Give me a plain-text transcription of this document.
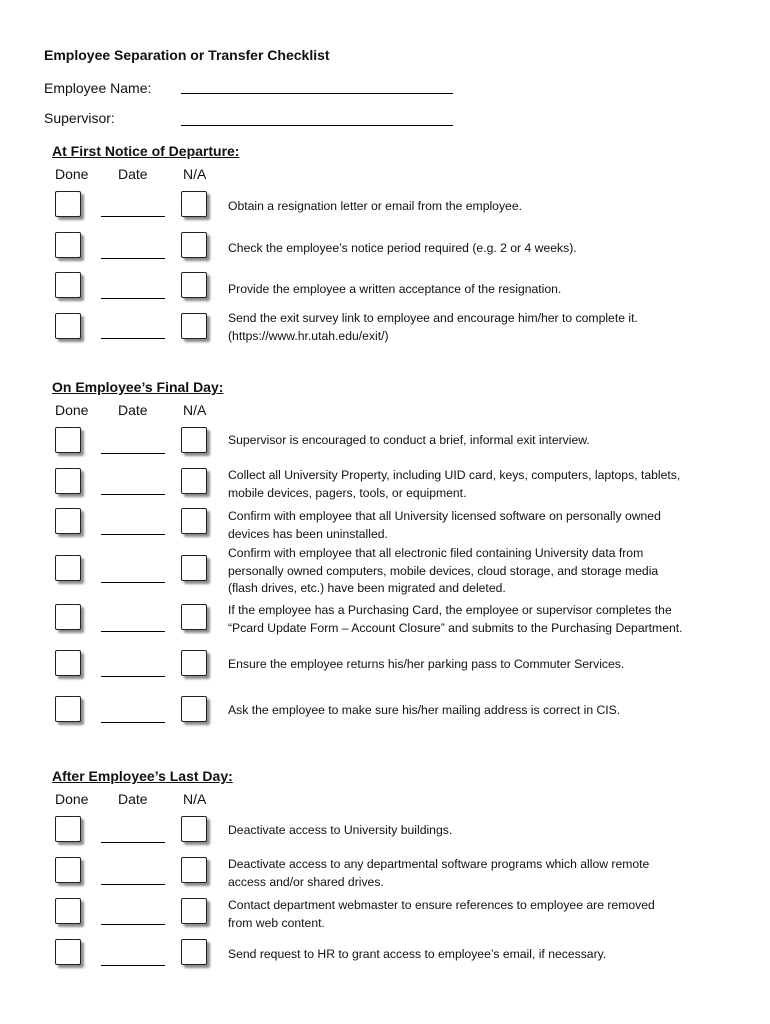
Employee Separation or Transfer Checklist
Employee Name:
Supervisor:
At First Notice of Departure:
Done Date	N/A
Obtain a resignation letter or email from the employee.
Check the employee’s notice period required (e.g. 2 or 4 weeks).
Provide the employee a written acceptance of the resignation.
Send the exit survey link to employee and encourage him/her to complete it.
(https://www.hr.utah.edu/exit/)
On Employee’s Final Day:
Done Date	N/A
Supervisor is encouraged to conduct a brief, informal exit interview.
Collect all University Property, including UID card, keys, computers, laptops, tablets,
mobile devices, pagers, tools, or equipment.
Confirm with employee that all University licensed software on personally owned
devices has been uninstalled.
Confirm with employee that all electronic filed containing University data from
personally owned computers, mobile devices, cloud storage, and storage media
(flash drives, etc.) have been migrated and deleted.
If the employee has a Purchasing Card, the employee or supervisor completes the
“Pcard Update Form – Account Closure” and submits to the Purchasing Department.
Ensure the employee returns his/her parking pass to Commuter Services.
Ask the employee to make sure his/her mailing address is correct in CIS.
After Employee’s Last Day:
Done Date	N/A
Deactivate access to University buildings.
Deactivate access to any departmental software programs which allow remote
access and/or shared drives.
Contact department webmaster to ensure references to employee are removed
from web content.
Send request to HR to grant access to employee’s email, if necessary.
